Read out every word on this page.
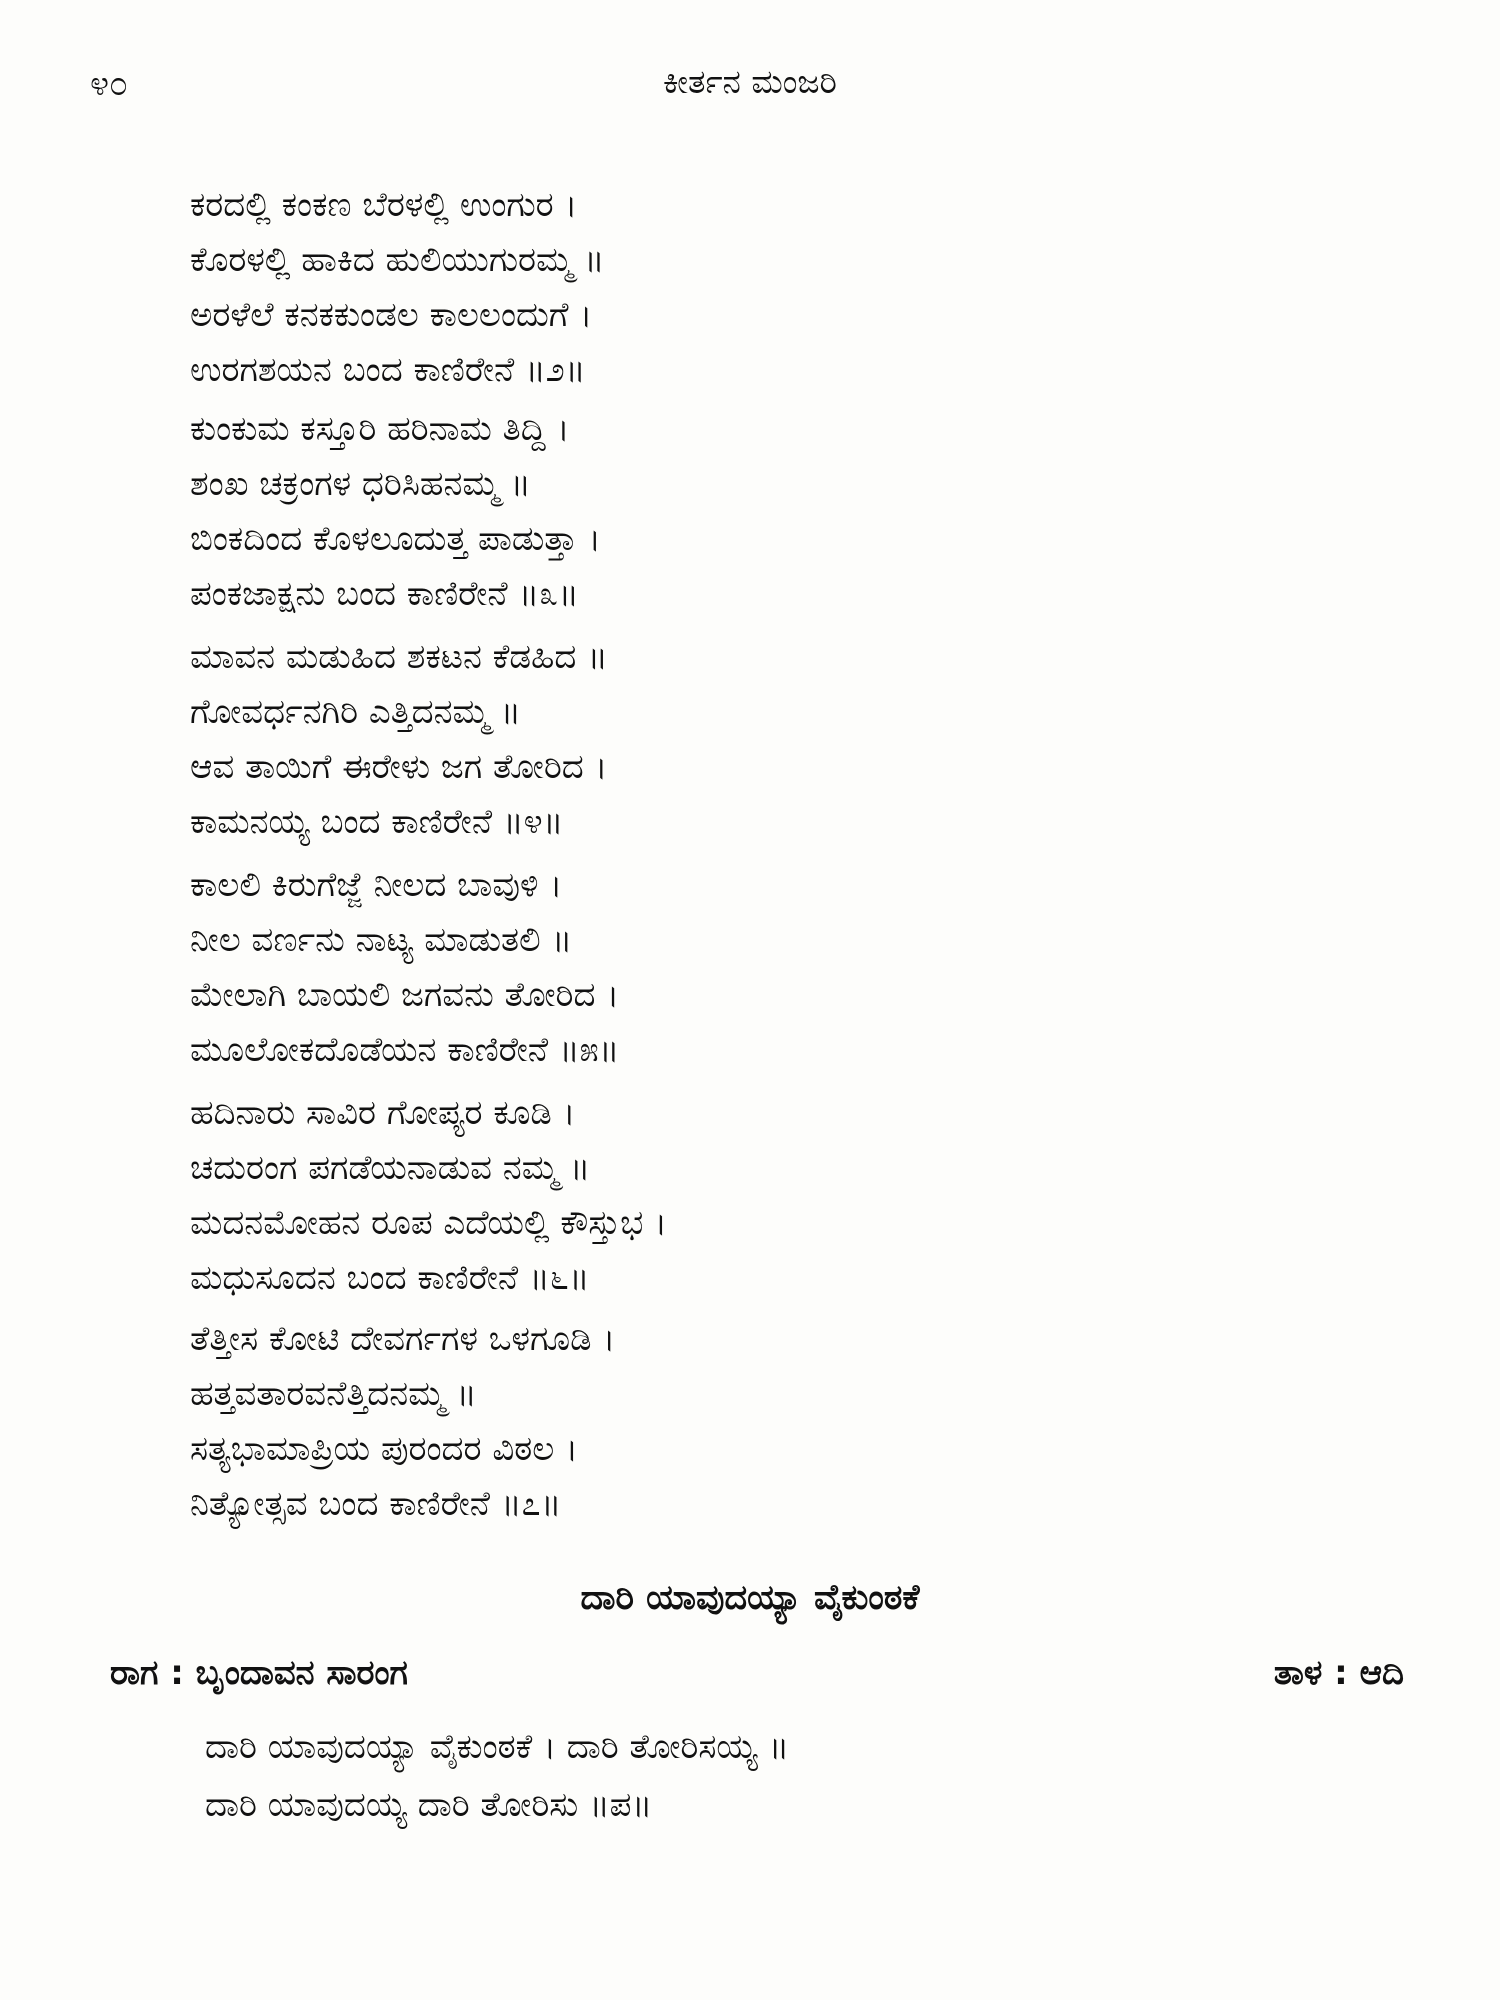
೪೦	ಕೀರ್ತನ ಮಂಜರಿ
ಕರದಲ್ಲಿ ಕಂಕಣ ಬೆರಳಲ್ಲಿ ಉಂಗುರ ।
ಕೊರಳಲ್ಲಿ ಹಾಕಿದ ಹುಲಿಯುಗುರಮ್ಮ ॥
ಅರಳೆಲೆ ಕನಕಕುಂಡಲ ಕಾಲಲಂದುಗೆ ।
ಉರಗಶಯನ ಬಂದ ಕಾಣಿರೇನೆ ॥೨॥
ಕುಂಕುಮ ಕಸ್ತೂರಿ ಹರಿನಾಮ ತಿದ್ದಿ ।
ಶಂಖ ಚಕ್ರಂಗಳ ಧರಿಸಿಹನಮ್ಮ ॥
ಬಿಂಕದಿಂದ ಕೊಳಲೂದುತ್ತ ಪಾಡುತ್ತಾ ।
ಪಂಕಜಾಕ್ಷನು ಬಂದ ಕಾಣಿರೇನೆ ॥೩॥
ಮಾವನ ಮಡುಹಿದ ಶಕಟನ ಕೆಡಹಿದ ॥
ಗೋವರ್ಧನಗಿರಿ ಎತ್ತಿದನಮ್ಮ ॥
ಆವ ತಾಯಿಗೆ ಈರೇಳು ಜಗ ತೋರಿದ ।
ಕಾಮನಯ್ಯ ಬಂದ ಕಾಣಿರೇನೆ ॥೪॥
ಕಾಲಲಿ ಕಿರುಗೆಜ್ಜೆ ನೀಲದ ಬಾವುಳಿ ।
ನೀಲ ವರ್ಣನು ನಾಟ್ಯ ಮಾಡುತಲಿ ॥
ಮೇಲಾಗಿ ಬಾಯಲಿ ಜಗವನು ತೋರಿದ ।
ಮೂಲೋಕದೊಡೆಯನ ಕಾಣಿರೇನೆ ॥೫॥
ಹದಿನಾರು ಸಾವಿರ ಗೋಪ್ಯರ ಕೂಡಿ ।
ಚದುರಂಗ ಪಗಡೆಯನಾಡುವ ನಮ್ಮ ॥
ಮದನಮೋಹನ ರೂಪ ಎದೆಯಲ್ಲಿ ಕೌಸ್ತುಭ ।
ಮಧುಸೂದನ ಬಂದ ಕಾಣಿರೇನೆ ॥೬॥
ತೆತ್ತೀಸ ಕೋಟಿ ದೇವರ್ಗಗಳ ಒಳಗೂಡಿ ।
ಹತ್ತವತಾರವನೆತ್ತಿದನಮ್ಮ ॥
ಸತ್ಯಭಾಮಾಪ್ರಿಯ ಪುರಂದರ ವಿಠಲ ।
ನಿತ್ಯೋತ್ಸವ ಬಂದ ಕಾಣಿರೇನೆ ॥೭॥
ದಾರಿ ಯಾವುದಯ್ಯಾ ವೈಕುಂಠಕೆ
ರಾಗ : ಬೃಂದಾವನ ಸಾರಂಗ	ತಾಳ : ಆದಿ
ದಾರಿ ಯಾವುದಯ್ಯಾ ವೈಕುಂಠಕೆ । ದಾರಿ ತೋರಿಸಯ್ಯ ॥
ದಾರಿ ಯಾವುದಯ್ಯ ದಾರಿ ತೋರಿಸು ॥ಪ॥
